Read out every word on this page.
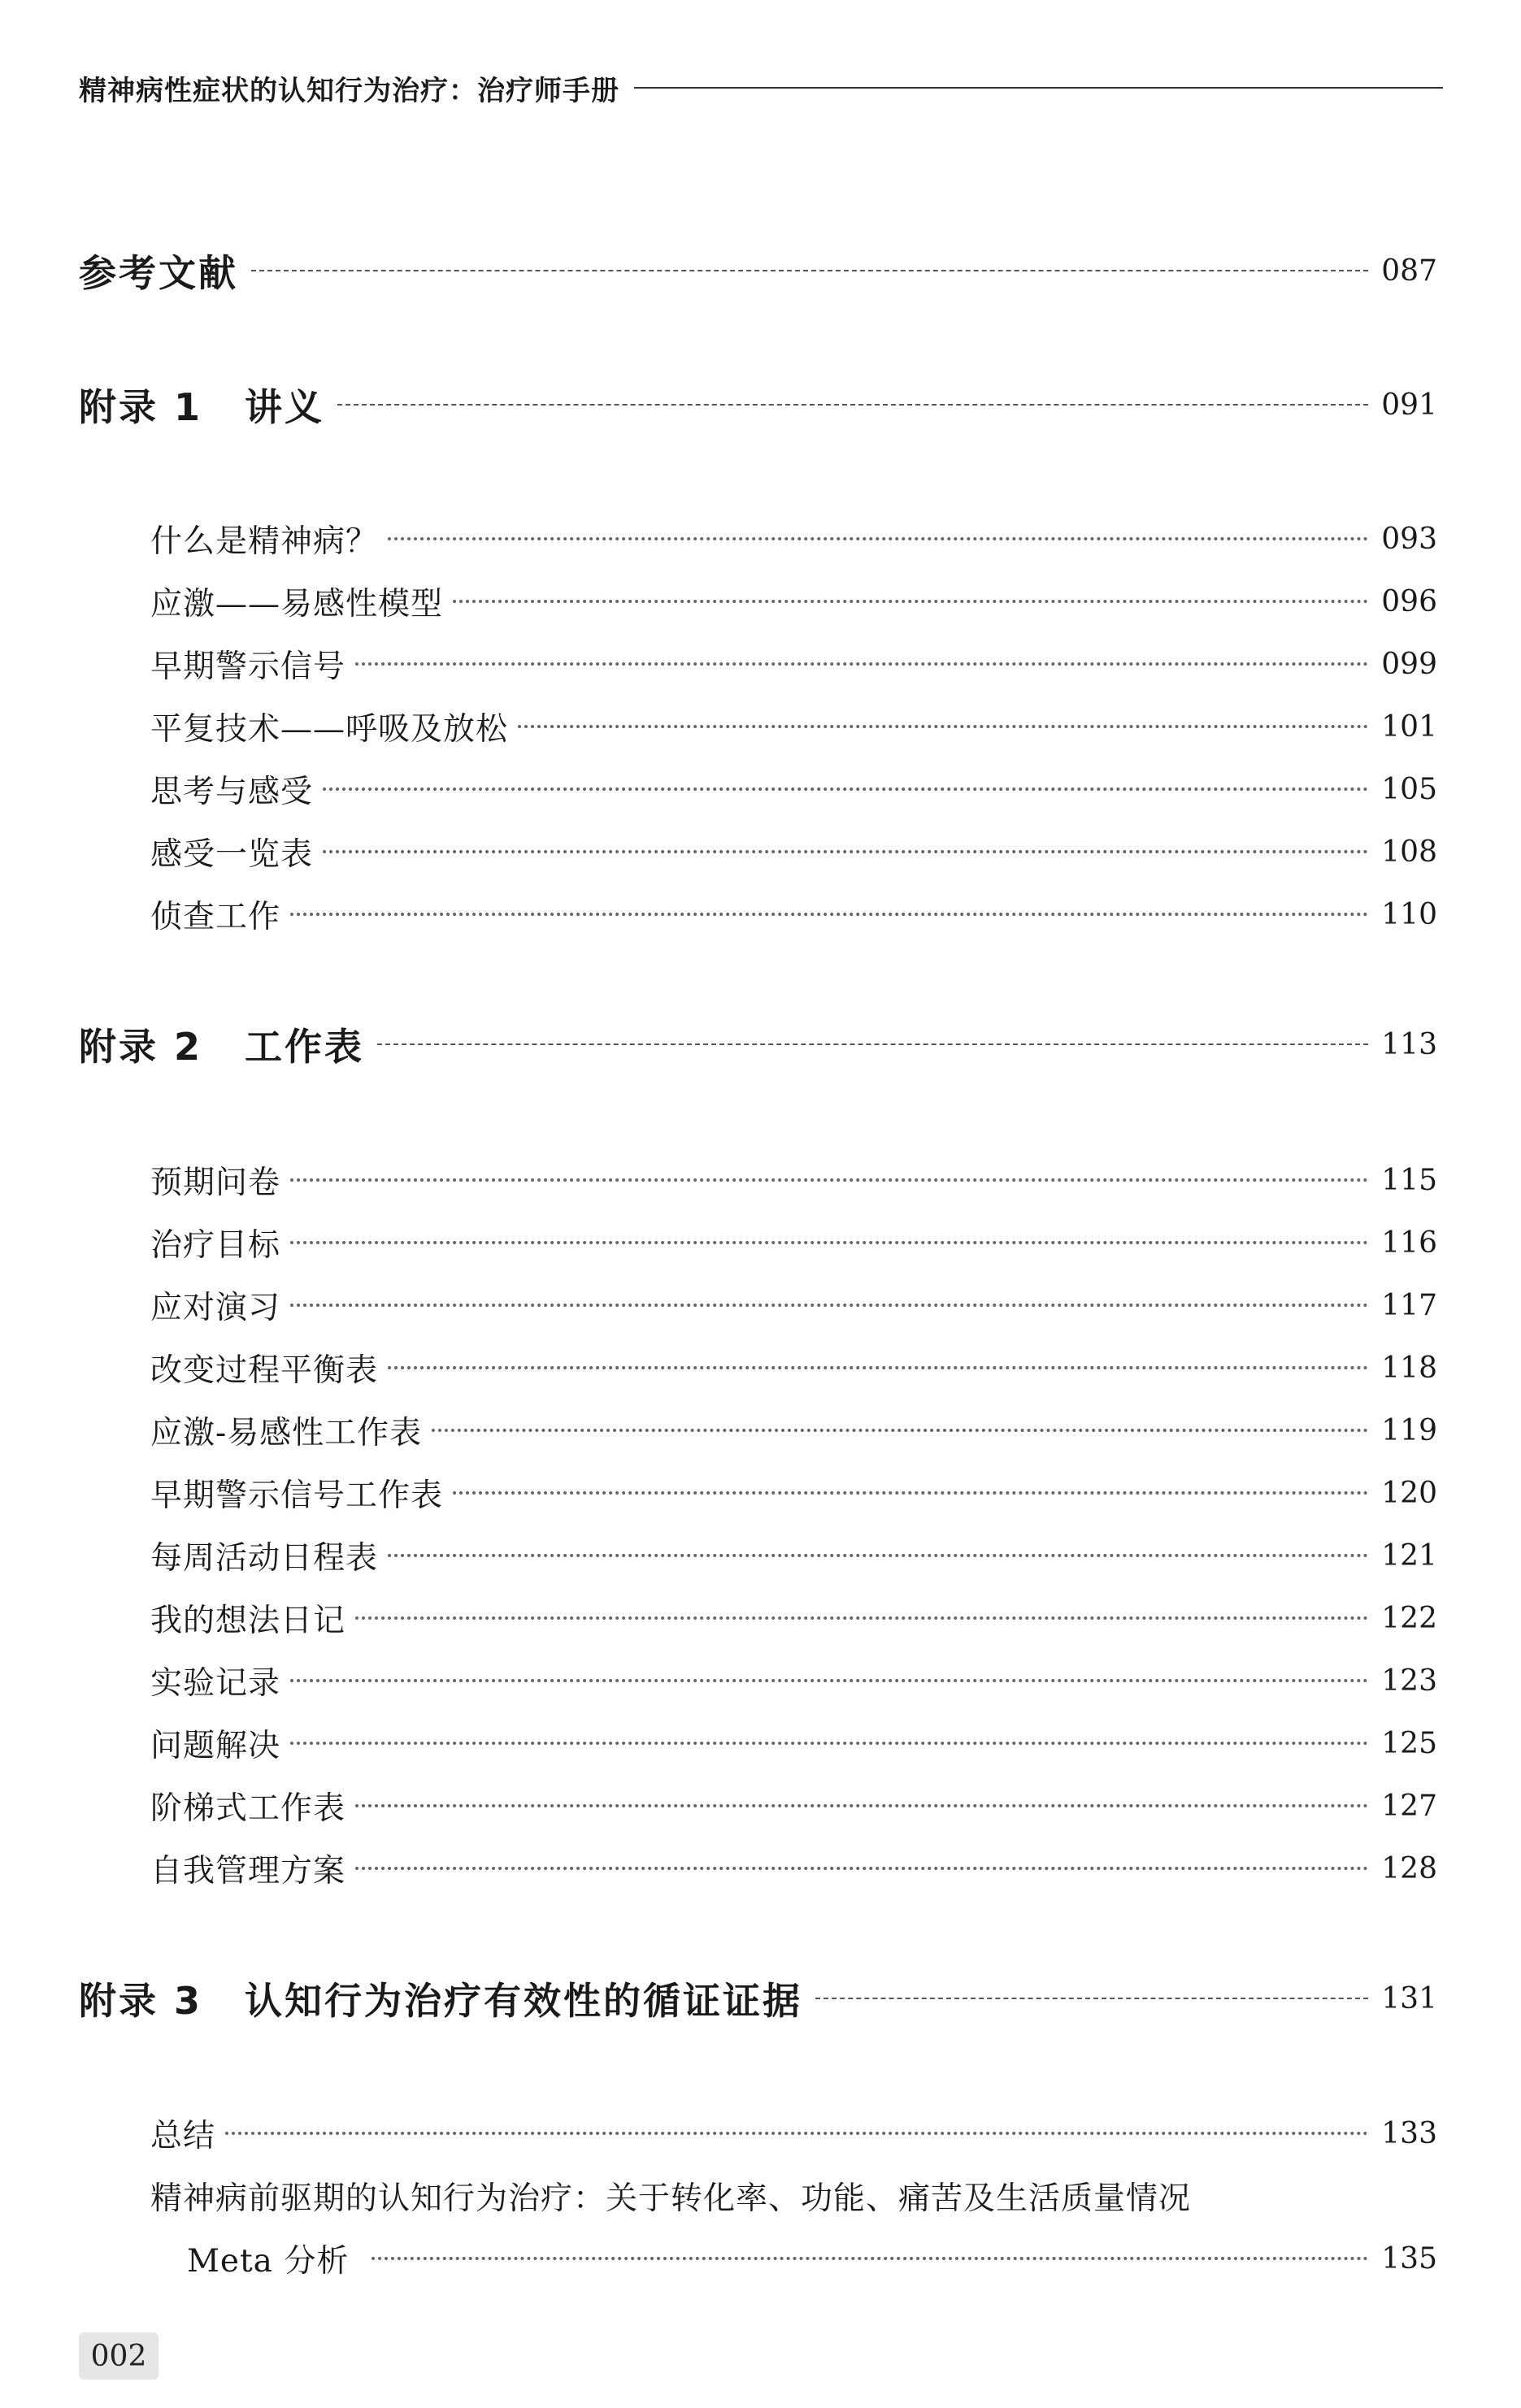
精神病性症状的认知行为治疗：治疗师手册
参考文献	087
附录 1 讲义	091
什么是精神病？	093
应激——易感性模型	096
早期警示信号	099
平复技术——呼吸及放松	101
思考与感受	105
感受一览表	108
侦查工作	110
附录 2 工作表	113
预期问卷	115
治疗目标	116
应对演习	117
改变过程平衡表	118
应激-易感性工作表	119
早期警示信号工作表	120
每周活动日程表	121
我的想法日记	122
实验记录	123
问题解决	125
阶梯式工作表	127
自我管理方案	128
附录 3 认知行为治疗有效性的循证证据	131
总结	133
精神病前驱期的认知行为治疗：关于转化率、功能、痛苦及生活质量情况
Meta 分析	135
002
